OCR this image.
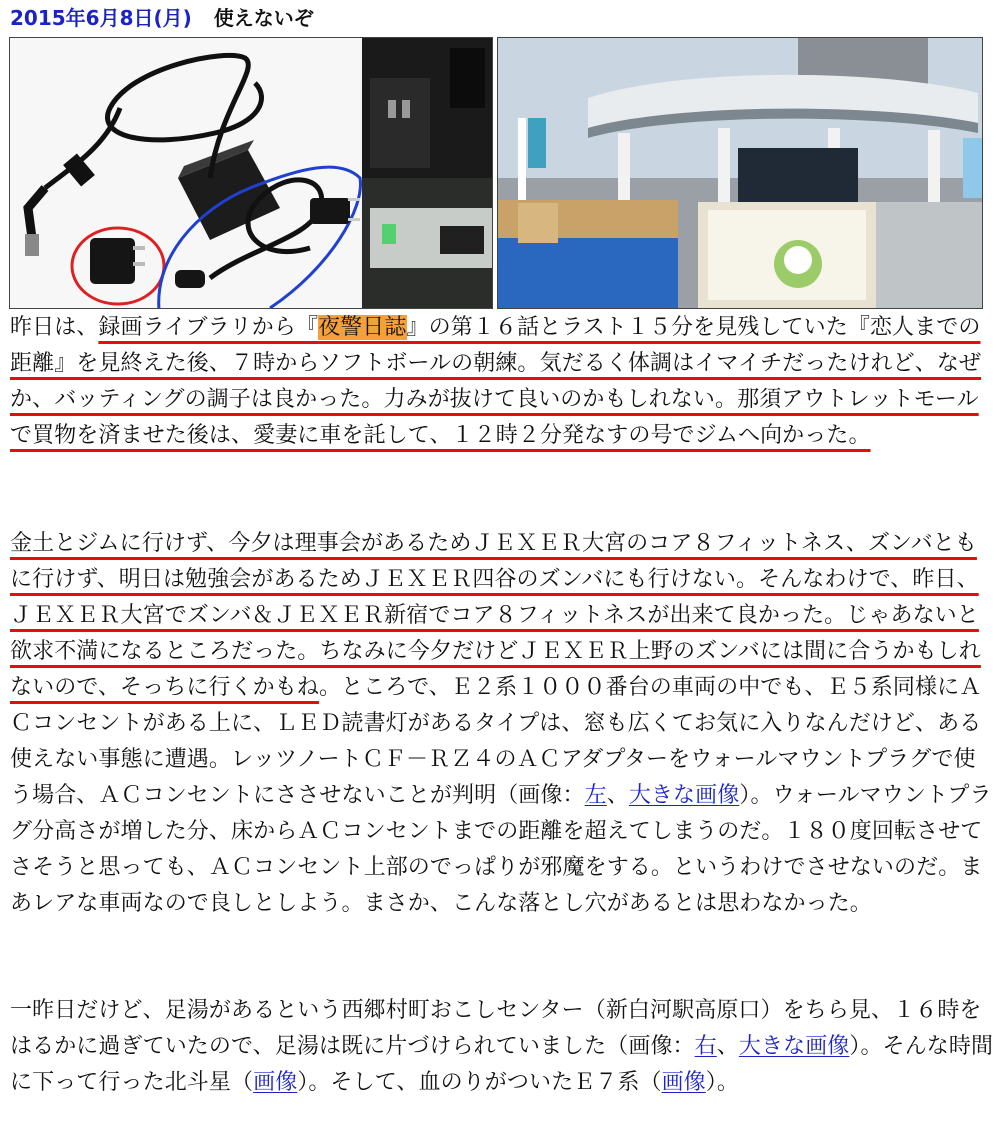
2015年6月8日(月) 使えないぞ

昨日は、録画ライブラリから『夜警日誌』の第１６話とラスト１５分を見残していた『恋人までの距離』を見終えた後、７時からソフトボールの朝練。気だるく体調はイマイチだったけれど、なぜか、バッティングの調子は良かった。力みが抜けて良いのかもしれない。那須アウトレットモールで買物を済ませた後は、愛妻に車を託して、１２時２分発なすの号でジムへ向かった。

金土とジムに行けず、今夕は理事会があるためＪＥＸＥＲ大宮のコア８フィットネス、ズンバともに行けず、明日は勉強会があるためＪＥＸＥＲ四谷のズンバにも行けない。そんなわけで、昨日、ＪＥＸＥＲ大宮でズンバ＆ＪＥＸＥＲ新宿でコア８フィットネスが出来て良かった。じゃあないと欲求不満になるところだった。ちなみに今夕だけどＪＥＸＥＲ上野のズンバには間に合うかもしれないので、そっちに行くかもね。ところで、Ｅ２系１０００番台の車両の中でも、Ｅ５系同様にＡＣコンセントがある上に、ＬＥＤ読書灯があるタイプは、窓も広くてお気に入りなんだけど、ある使えない事態に遭遇。レッツノートＣＦ－ＲＺ４のＡＣアダプターをウォールマウントプラグで使う場合、ＡＣコンセントにささせないことが判明（画像：左、大きな画像）。ウォールマウントプラグ分高さが増した分、床からＡＣコンセントまでの距離を超えてしまうのだ。１８０度回転させてさそうと思っても、ＡＣコンセント上部のでっぱりが邪魔をする。というわけでさせないのだ。まあレアな車両なので良しとしよう。まさか、こんな落とし穴があるとは思わなかった。

一昨日だけど、足湯があるという西郷村町おこしセンター（新白河駅高原口）をちら見、１６時をはるかに過ぎていたので、足湯は既に片づけられていました（画像：右、大きな画像）。そんな時間に下って行った北斗星（画像）。そして、血のりがついたＥ７系（画像）。
